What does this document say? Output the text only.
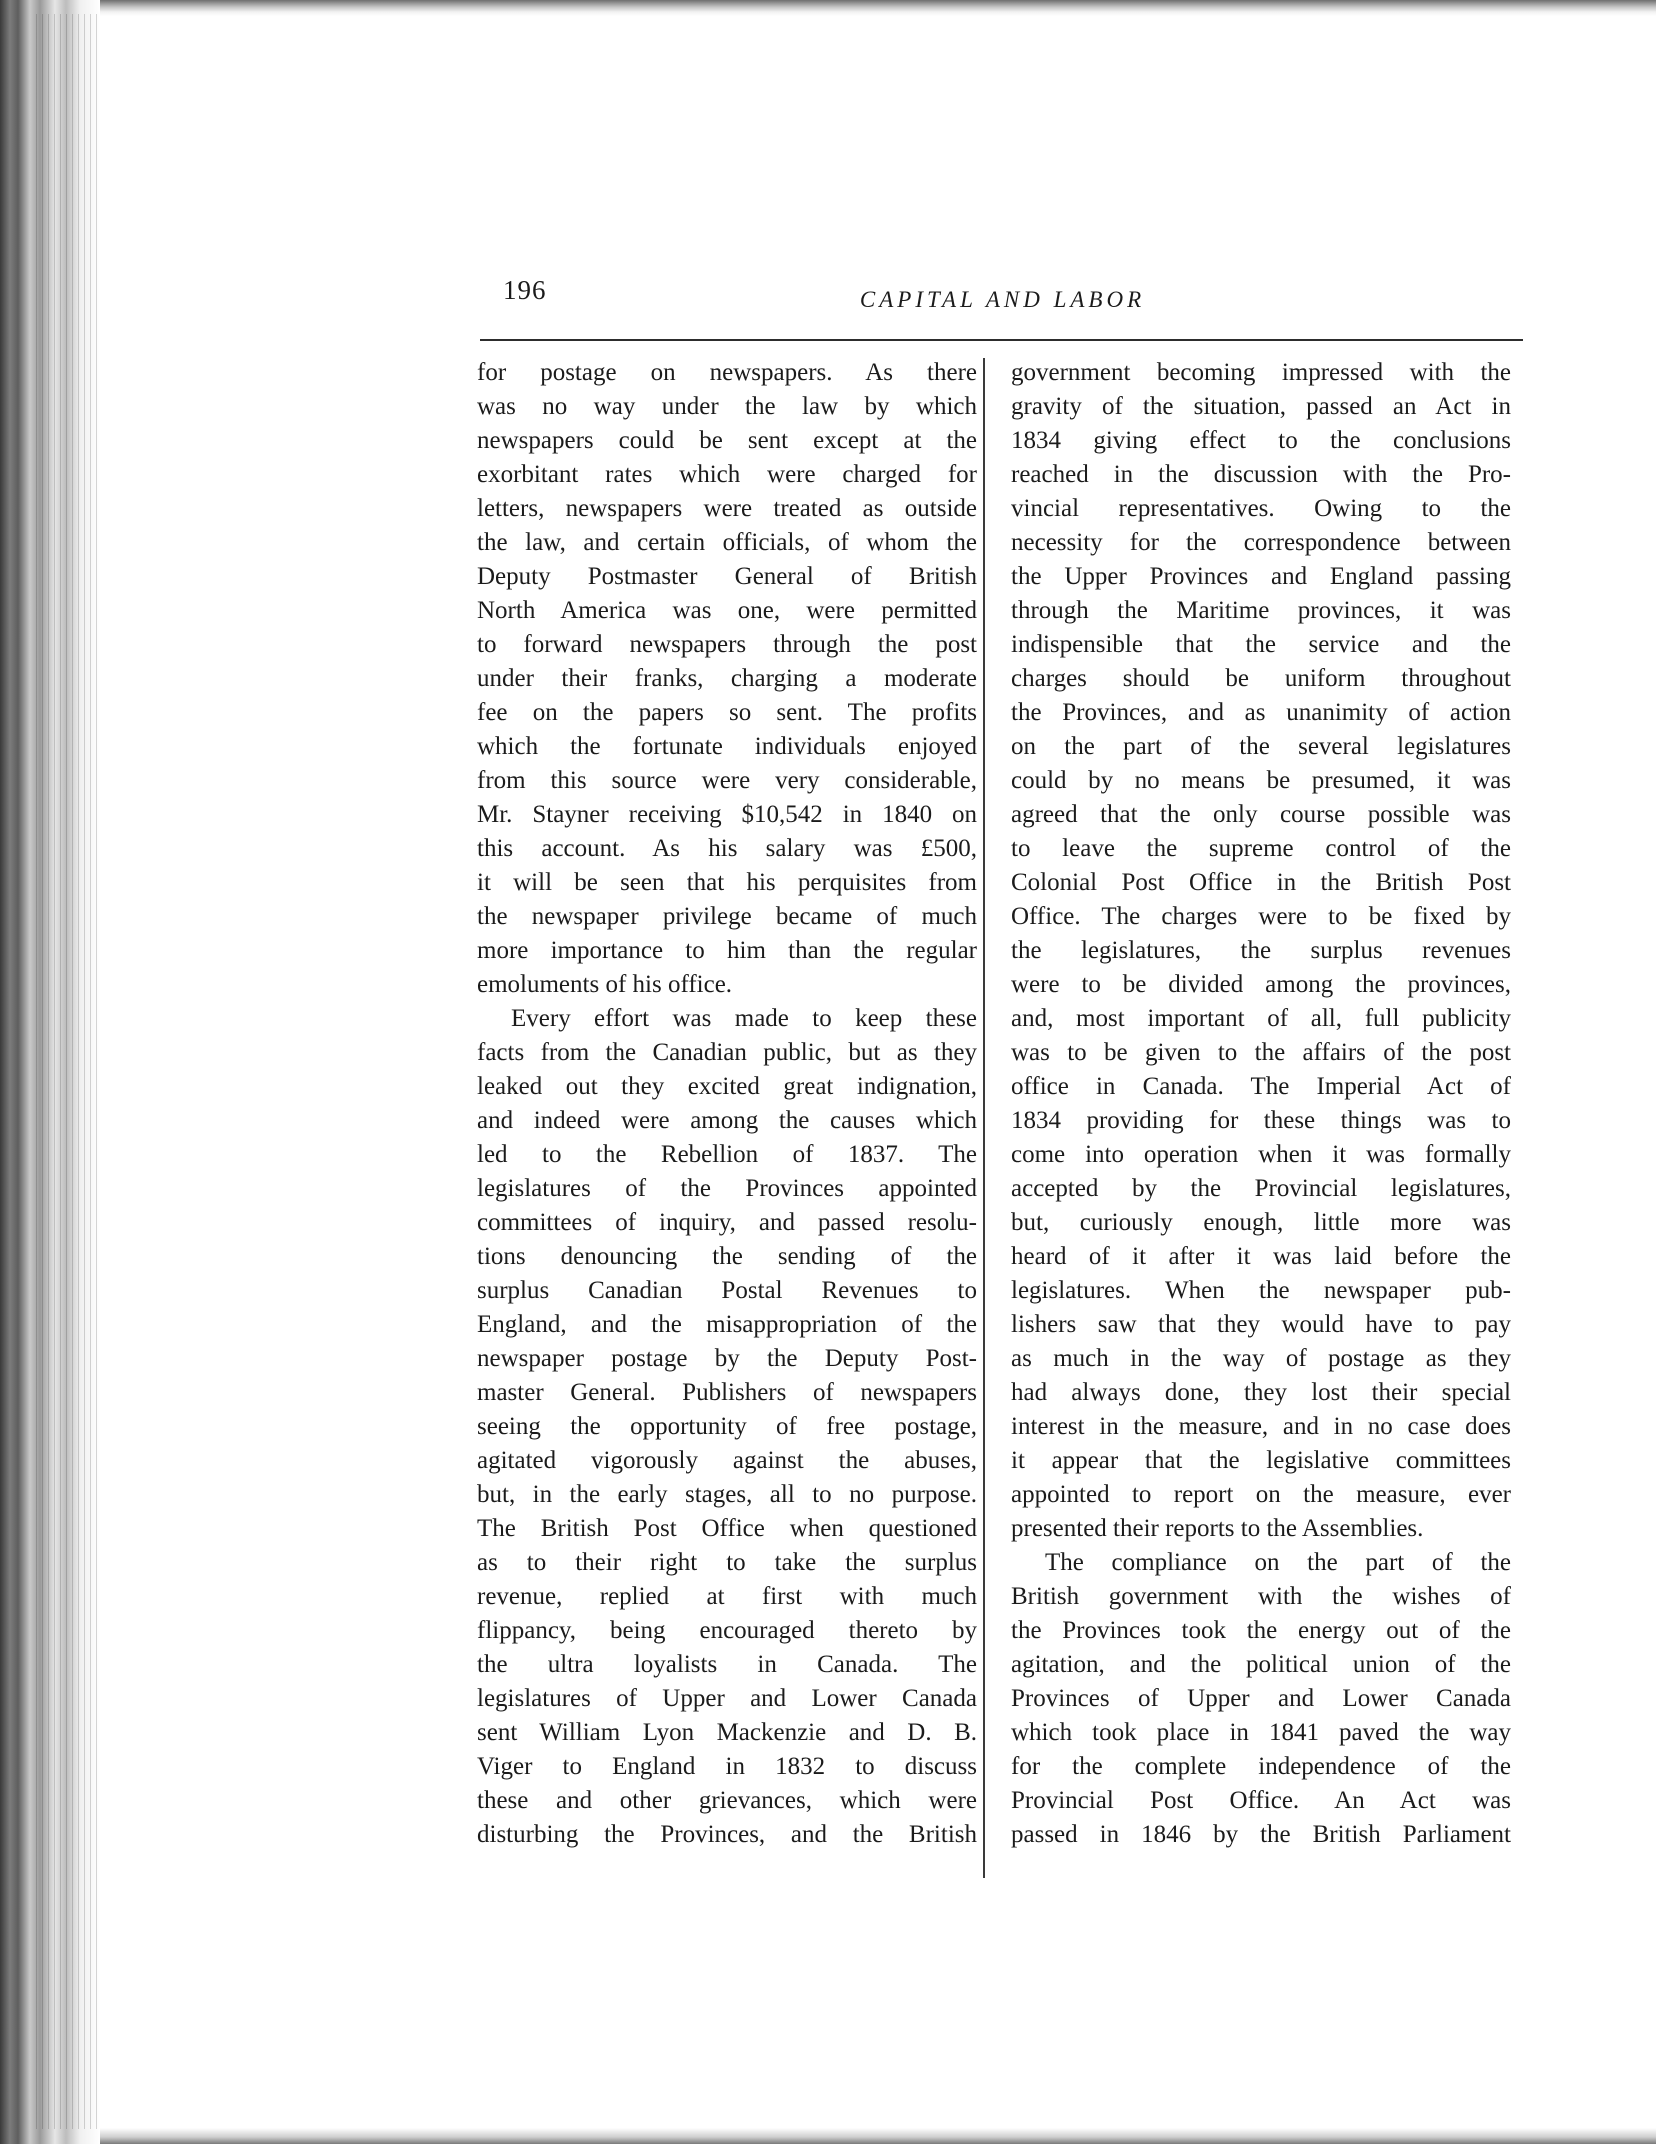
196	CAPITAL AND LABOR
for postage on newspapers. As there
was no way under the law by which
newspapers could be sent except at the
exorbitant rates which were charged for
letters, newspapers were treated as outside
the law, and certain officials, of whom the
Deputy Postmaster General of British
North America was one, were permitted
to forward newspapers through the post
under their franks, charging a moderate
fee on the papers so sent. The profits
which the fortunate individuals enjoyed
from this source were very considerable,
Mr. Stayner receiving $10,542 in 1840 on
this account. As his salary was £500,
it will be seen that his perquisites from
the newspaper privilege became of much
more importance to him than the regular
emoluments of his office.
Every effort was made to keep these
facts from the Canadian public, but as they
leaked out they excited great indignation,
and indeed were among the causes which
led to the Rebellion of 1837. The
legislatures of the Provinces appointed
committees of inquiry, and passed resolu-
tions denouncing the sending of the
surplus Canadian Postal Revenues to
England, and the misappropriation of the
newspaper postage by the Deputy Post-
master General. Publishers of newspapers
seeing the opportunity of free postage,
agitated vigorously against the abuses,
but, in the early stages, all to no purpose.
The British Post Office when questioned
as to their right to take the surplus
revenue, replied at first with much
flippancy, being encouraged thereto by
the ultra loyalists in Canada. The
legislatures of Upper and Lower Canada
sent William Lyon Mackenzie and D. B.
Viger to England in 1832 to discuss
these and other grievances, which were
disturbing the Provinces, and the British
government becoming impressed with the
gravity of the situation, passed an Act in
1834 giving effect to the conclusions
reached in the discussion with the Pro-
vincial representatives. Owing to the
necessity for the correspondence between
the Upper Provinces and England passing
through the Maritime provinces, it was
indispensible that the service and the
charges should be uniform throughout
the Provinces, and as unanimity of action
on the part of the several legislatures
could by no means be presumed, it was
agreed that the only course possible was
to leave the supreme control of the
Colonial Post Office in the British Post
Office. The charges were to be fixed by
the legislatures, the surplus revenues
were to be divided among the provinces,
and, most important of all, full publicity
was to be given to the affairs of the post
office in Canada. The Imperial Act of
1834 providing for these things was to
come into operation when it was formally
accepted by the Provincial legislatures,
but, curiously enough, little more was
heard of it after it was laid before the
legislatures. When the newspaper pub-
lishers saw that they would have to pay
as much in the way of postage as they
had always done, they lost their special
interest in the measure, and in no case does
it appear that the legislative committees
appointed to report on the measure, ever
presented their reports to the Assemblies.
The compliance on the part of the
British government with the wishes of
the Provinces took the energy out of the
agitation, and the political union of the
Provinces of Upper and Lower Canada
which took place in 1841 paved the way
for the complete independence of the
Provincial Post Office. An Act was
passed in 1846 by the British Parliament
